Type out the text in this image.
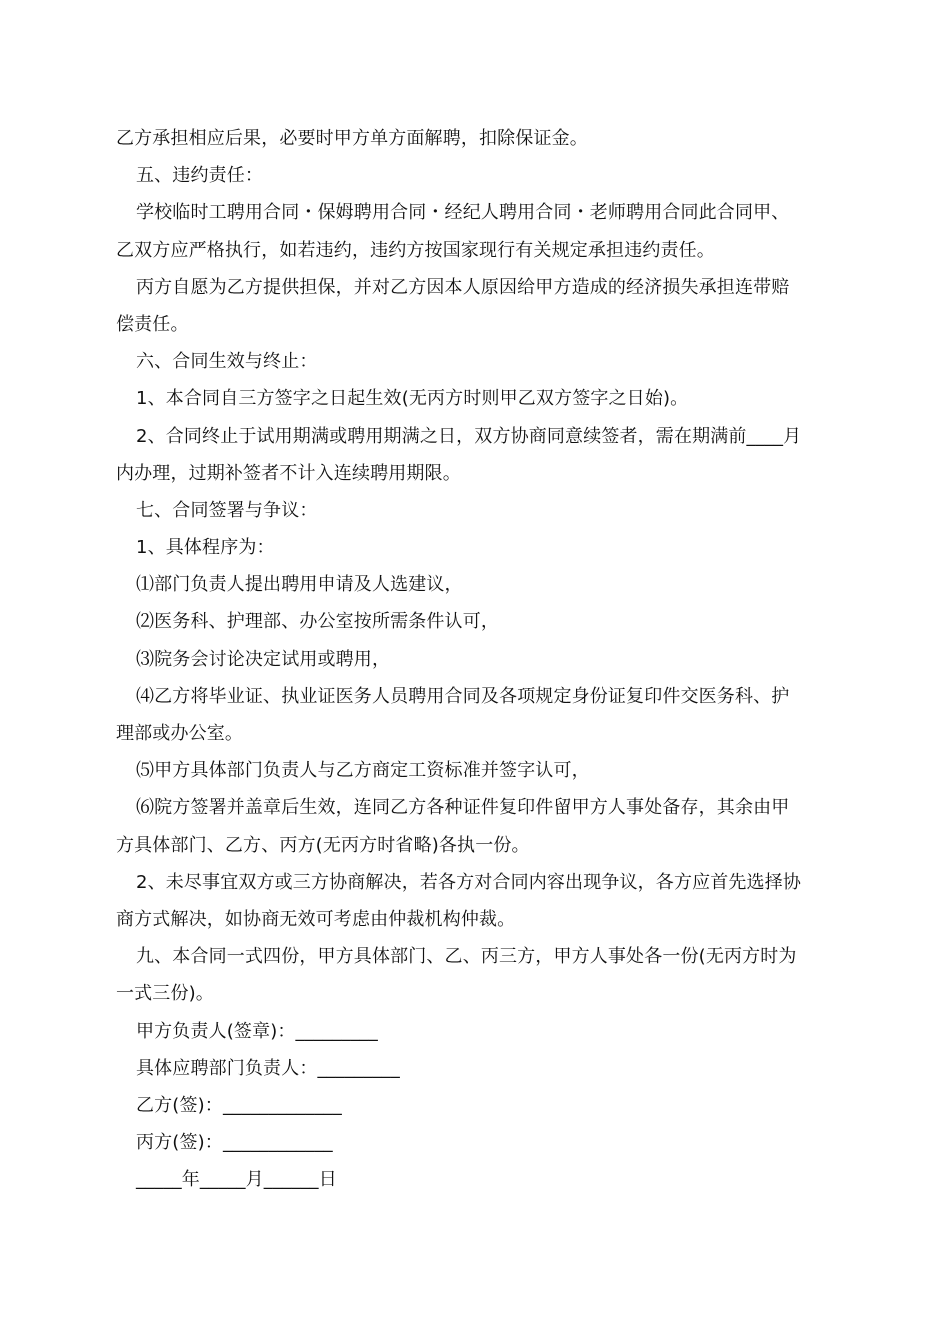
乙方承担相应后果，必要时甲方单方面解聘，扣除保证金。
五、违约责任：
学校临时工聘用合同・保姆聘用合同・经纪人聘用合同・老师聘用合同此合同甲、
乙双方应严格执行，如若违约，违约方按国家现行有关规定承担违约责任。
丙方自愿为乙方提供担保，并对乙方因本人原因给甲方造成的经济损失承担连带赔
偿责任。
六、合同生效与终止：
1、本合同自三方签字之日起生效(无丙方时则甲乙双方签字之日始)。
2、合同终止于试用期满或聘用期满之日，双方协商同意续签者，需在期满前____月
内办理，过期补签者不计入连续聘用期限。
七、合同签署与争议：
1、具体程序为：
⑴部门负责人提出聘用申请及人选建议，
⑵医务科、护理部、办公室按所需条件认可，
⑶院务会讨论决定试用或聘用，
⑷乙方将毕业证、执业证医务人员聘用合同及各项规定身份证复印件交医务科、护
理部或办公室。
⑸甲方具体部门负责人与乙方商定工资标准并签字认可，
⑹院方签署并盖章后生效，连同乙方各种证件复印件留甲方人事处备存，其余由甲
方具体部门、乙方、丙方(无丙方时省略)各执一份。
2、未尽事宜双方或三方协商解决，若各方对合同内容出现争议，各方应首先选择协
商方式解决，如协商无效可考虑由仲裁机构仲裁。
九、本合同一式四份，甲方具体部门、乙、丙三方，甲方人事处各一份(无丙方时为
一式三份)。
甲方负责人(签章)：_________
具体应聘部门负责人：_________
乙方(签)：_____________
丙方(签)：____________
_____年_____月______日
